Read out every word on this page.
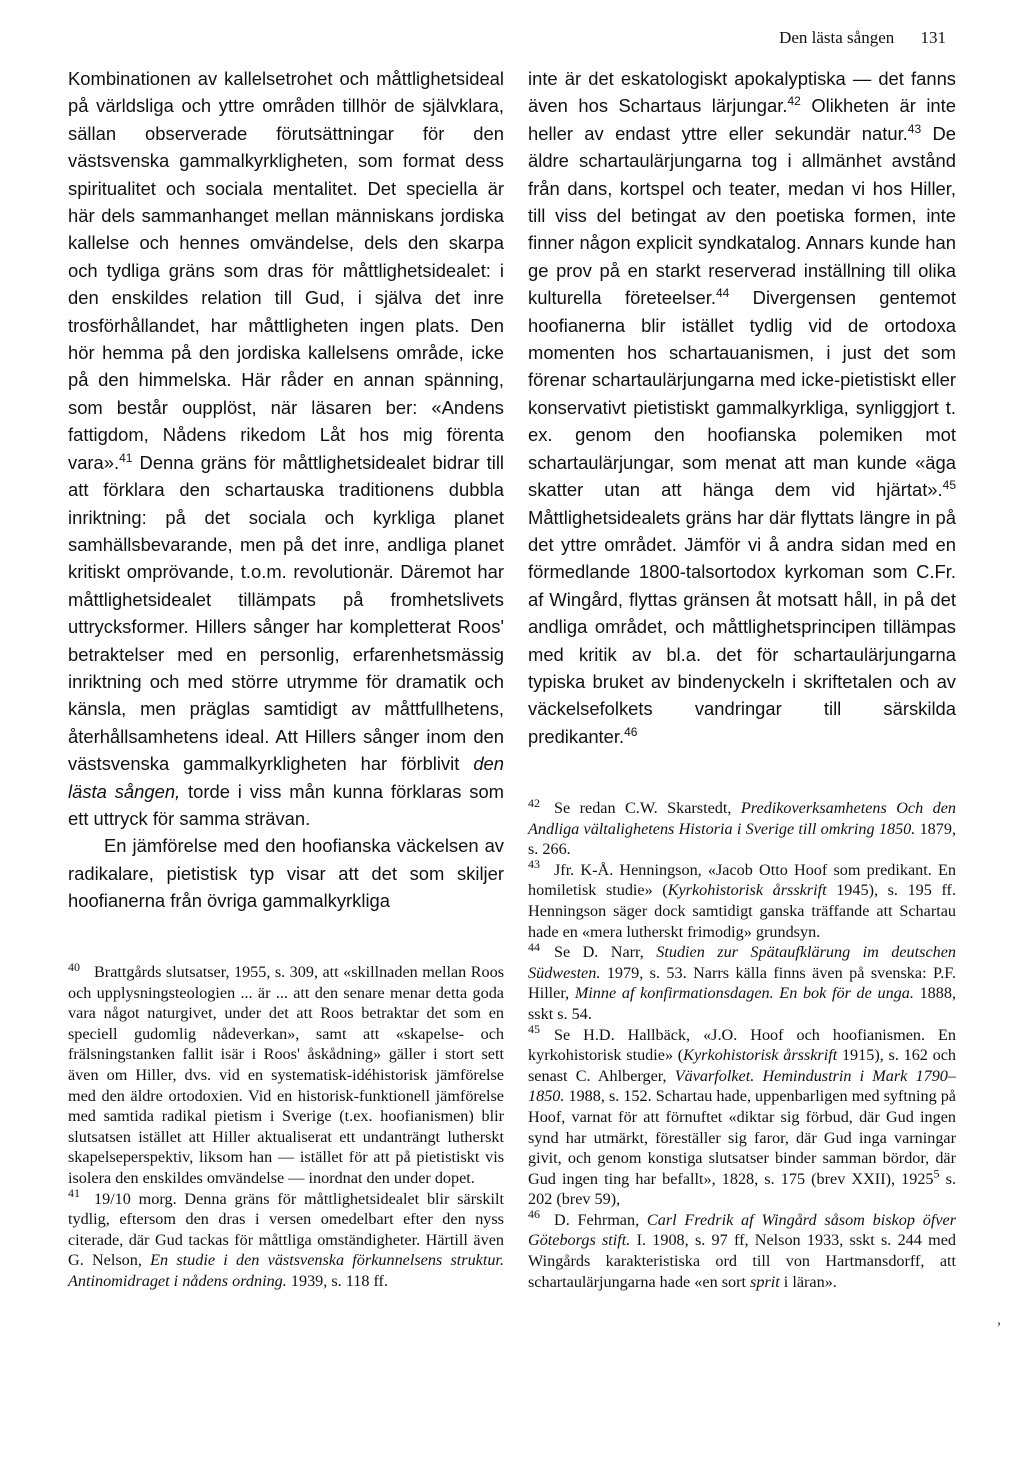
Den lästa sången 131

Kombinationen av kallelsetrohet och måttlighetsideal på världsliga och yttre områden tillhör de självklara, sällan observerade förutsättningar för den västsvenska gammalkyrkligheten, som format dess spiritualitet och sociala mentalitet. Det speciella är här dels sammanhanget mellan människans jordiska kallelse och hennes omvändelse, dels den skarpa och tydliga gräns som dras för måttlighetsidealet: i den enskildes relation till Gud, i själva det inre trosförhållandet, har måttligheten ingen plats. Den hör hemma på den jordiska kallelsens område, icke på den himmelska. Här råder en annan spänning, som består oupplöst, när läsaren ber: «Andens fattigdom, Nådens rikedom Låt hos mig förenta vara».$^{41}$ Denna gräns för måttlighetsidealet bidrar till att förklara den schartauska traditionens dubbla inriktning: på det sociala och kyrkliga planet samhällsbevarande, men på det inre, andliga planet kritiskt omprövande, t.o.m. revolutionär. Däremot har måttlighetsidealet tillämpats på fromhetslivets uttrycksformer. Hillers sånger har kompletterat Roos' betraktelser med en personlig, erfarenhetsmässig inriktning och med större utrymme för dramatik och känsla, men präglas samtidigt av måttfullhetens, återhållsamhetens ideal. Att Hillers sånger inom den västsvenska gammalkyrkligheten har förblivit den lästa sången, torde i viss mån kunna förklaras som ett uttryck för samma strävan.

En jämförelse med den hoofianska väckelsen av radikalare, pietistisk typ visar att det som skiljer hoofianerna från övriga gammalkyrkliga

inte är det eskatologiskt apokalyptiska — det fanns även hos Schartaus lärjungar.$^{42}$ Olikheten är inte heller av endast yttre eller sekundär natur.$^{43}$ De äldre schartaulärjungarna tog i allmänhet avstånd från dans, kortspel och teater, medan vi hos Hiller, till viss del betingat av den poetiska formen, inte finner någon explicit syndkatalog. Annars kunde han ge prov på en starkt reserverad inställning till olika kulturella företeelser.$^{44}$ Divergensen gentemot hoofianerna blir istället tydlig vid de ortodoxa momenten hos schartauanismen, i just det som förenar schartaulärjungarna med icke-pietistiskt eller konservativt pietistiskt gammalkyrkliga, synliggjort t. ex. genom den hoofianska polemiken mot schartaulärjungar, som menat att man kunde «äga skatter utan att hänga dem vid hjärtat».$^{45}$ Måttlighetsidealets gräns har där flyttats längre in på det yttre området. Jämför vi å andra sidan med en förmedlande 1800-talsortodox kyrkoman som C.Fr. af Wingård, flyttas gränsen åt motsatt håll, in på det andliga området, och måttlighetsprincipen tillämpas med kritik av bl.a. det för schartaulärjungarna typiska bruket av bindenyckeln i skriftetalen och av väckelsefolkets vandringar till särskilda predikanter.$^{46}$

$^{40}$ Brattgårds slutsatser, 1955, s. 309, att «skillnaden mellan Roos och upplysningsteologien ... är ... att den senare menar detta goda vara något naturgivet, under det att Roos betraktar det som en speciell gudomlig nådeverkan», samt att «skapelse- och frälsningstanken fallit isär i Roos' åskådning» gäller i stort sett även om Hiller, dvs. vid en systematisk-idéhistorisk jämförelse med den äldre ortodoxien. Vid en historisk-funktionell jämförelse med samtida radikal pietism i Sverige (t.ex. hoofianismen) blir slutsatsen istället att Hiller aktualiserat ett undanträngt lutherskt skapelseperspektiv, liksom han — istället för att på pietistiskt vis isolera den enskildes omvändelse — inordnat den under dopet.

$^{41}$ 19/10 morg. Denna gräns för måttlighetsidealet blir särskilt tydlig, eftersom den dras i versen omedelbart efter den nyss citerade, där Gud tackas för måttliga omständigheter. Härtill även G. Nelson, En studie i den västsvenska förkunnelsens struktur. Antinomidraget i nådens ordning. 1939, s. 118 ff.

$^{42}$ Se redan C.W. Skarstedt, Predikoverksamhetens Och den Andliga vältalighetens Historia i Sverige till omkring 1850. 1879, s. 266.

$^{43}$ Jfr. K-Å. Henningson, «Jacob Otto Hoof som predikant. En homiletisk studie» (Kyrkohistorisk årsskrift 1945), s. 195 ff. Henningson säger dock samtidigt ganska träffande att Schartau hade en «mera lutherskt frimodig» grundsyn.

$^{44}$ Se D. Narr, Studien zur Spätaufklärung im deutschen Südwesten. 1979, s. 53. Narrs källa finns även på svenska: P.F. Hiller, Minne af konfirmationsdagen. En bok för de unga. 1888, sskt s. 54.

$^{45}$ Se H.D. Hallbäck, «J.O. Hoof och hoofianismen. En kyrkohistorisk studie» (Kyrkohistorisk årsskrift 1915), s. 162 och senast C. Ahlberger, Vävarfolket. Hemindustrin i Mark 1790–1850. 1988, s. 152. Schartau hade, uppenbarligen med syftning på Hoof, varnat för att förnuftet «diktar sig förbud, där Gud ingen synd har utmärkt, föreställer sig faror, där Gud inga varningar givit, och genom konstiga slutsatser binder samman bördor, där Gud ingen ting har befallt», 1828, s. 175 (brev XXII), 1925$^5$ s. 202 (brev 59),

$^{46}$ D. Fehrman, Carl Fredrik af Wingård såsom biskop öfver Göteborgs stift. I. 1908, s. 97 ff, Nelson 1933, sskt s. 244 med Wingårds karakteristiska ord till von Hartmansdorff, att schartaulärjungarna hade «en sort sprit i läran».

,
